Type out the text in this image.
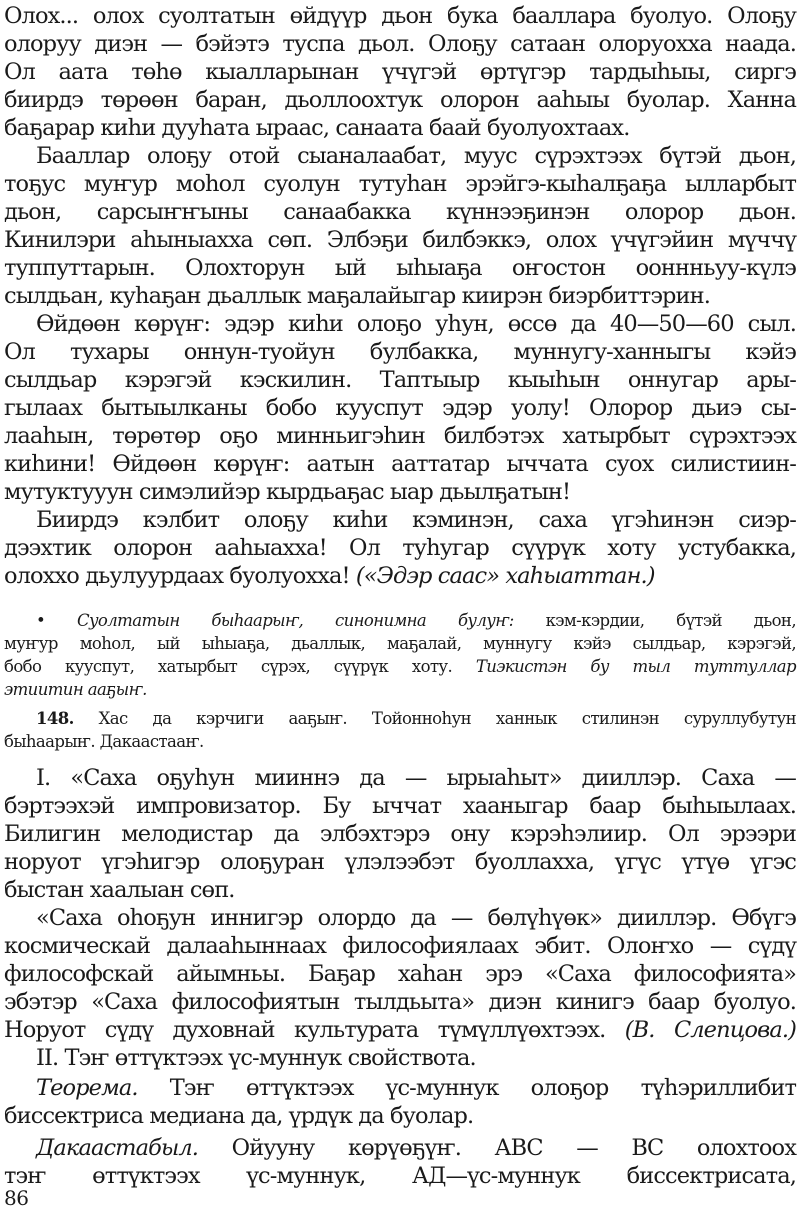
Олох... олох суолтатын өйдүүр дьон бука бааллара буолуо. Олоҕу
олоруу диэн — бэйэтэ туспа дьол. Олоҕу сатаан олоруохха наада.
Ол аата төһө кыалларынан үчүгэй өртүгэр тардыһыы, сиргэ
биирдэ төрөөн баран, дьоллоохтук олорон ааһыы буолар. Ханна
баҕарар киһи дууһата ыраас, санаата баай буолуохтаах.
Бааллар олоҕу отой сыаналаабат, муус сүрэхтээх бүтэй дьон,
тоҕус муҥур моһол суолун тутуһан эрэйгэ-кыһалҕаҕа ылларбыт
дьон, сарсыҥҥыны санаабакка күннээҕинэн олорор дьон.
Кинилэри аһыныахха сөп. Элбэҕи билбэккэ, олох үчүгэйин мүччү
туппуттарын. Олохторун ый ыһыаҕа оҥостон ооннньуу-күлэ
сылдьан, куһаҕан дьаллык маҕалайыгар киирэн биэрбиттэрин.
Өйдөөн көрүҥ: эдэр киһи олоҕо уһун, өссө да 40—50—60 сыл.
Ол тухары оннун-туойун булбакка, муннугу-ханныгы кэйэ
сылдьар кэрэгэй кэскилин. Таптыыр кыыһын оннугар ары-
гылаах бытыылканы бобо кууспут эдэр уолу! Олорор дьиэ сы-
лааһын, төрөтөр оҕо минньигэһин билбэтэх хатырбыт сүрэхтээх
киһини! Өйдөөн көрүҥ: аатын ааттатар ыччата суох силистиин-
мутуктууун симэлийэр кырдьаҕас ыар дьылҕатын!
Биирдэ кэлбит олоҕу киһи кэминэн, саха үгэһинэн сиэр-
дээхтик олорон ааһыахха! Ол туһугар сүүрүк хоту устубакка,
олоххо дьулуурдаах буолуохха! («Эдэр саас» хаһыаттан.)
• Суолтатын быһаарыҥ, синонимна булуҥ: кэм-кэрдии, бүтэй дьон,
муҥур моһол, ый ыһыаҕа, дьаллык, маҕалай, муннугу кэйэ сылдьар, кэрэгэй,
бобо кууспут, хатырбыт сүрэх, сүүрүк хоту. Тиэкистэн бу тыл туттуллар
этиитин ааҕыҥ.
148. Хас да кэрчиги ааҕыҥ. Тойонноһун ханнык стилинэн суруллубутун
быһаарыҥ. Дакаастааҥ.
I. «Саха оҕуһун мииннэ да — ырыаһыт» дииллэр. Саха —
бэртээхэй импровизатор. Бу ыччат хааныгар баар быһыылаах.
Билигин мелодистар да элбэхтэрэ ону кэрэһэлиир. Ол эрээри
норуот үгэһигэр олоҕуран үлэлээбэт буоллахха, үгүс үтүө үгэс
быстан хаалыан сөп.
«Саха оһоҕун иннигэр олордо да — бөлүһүөк» дииллэр. Өбүгэ
космическай далааһыннаах философиялаах эбит. Олоҥхо — сүдү
философскай айымньы. Баҕар хаһан эрэ «Саха философията»
эбэтэр «Саха философиятын тылдьыта» диэн кинигэ баар буолуо.
Норуот сүдү духовнай культурата түмүллүөхтээх. (В. Слепцова.)
II. Тэҥ өттүктээх үс-муннук свойствота.
Теорема. Тэҥ өттүктээх үс-муннук олоҕор түһэриллибит
биссектриса медиана да, үрдүк да буолар.
Дакаастабыл. Ойууну көрүөҕүҥ. АВС — ВС олохтоох
тэҥ өттүктээх үс-муннук, АД—үс-муннук биссектрисата,
86
